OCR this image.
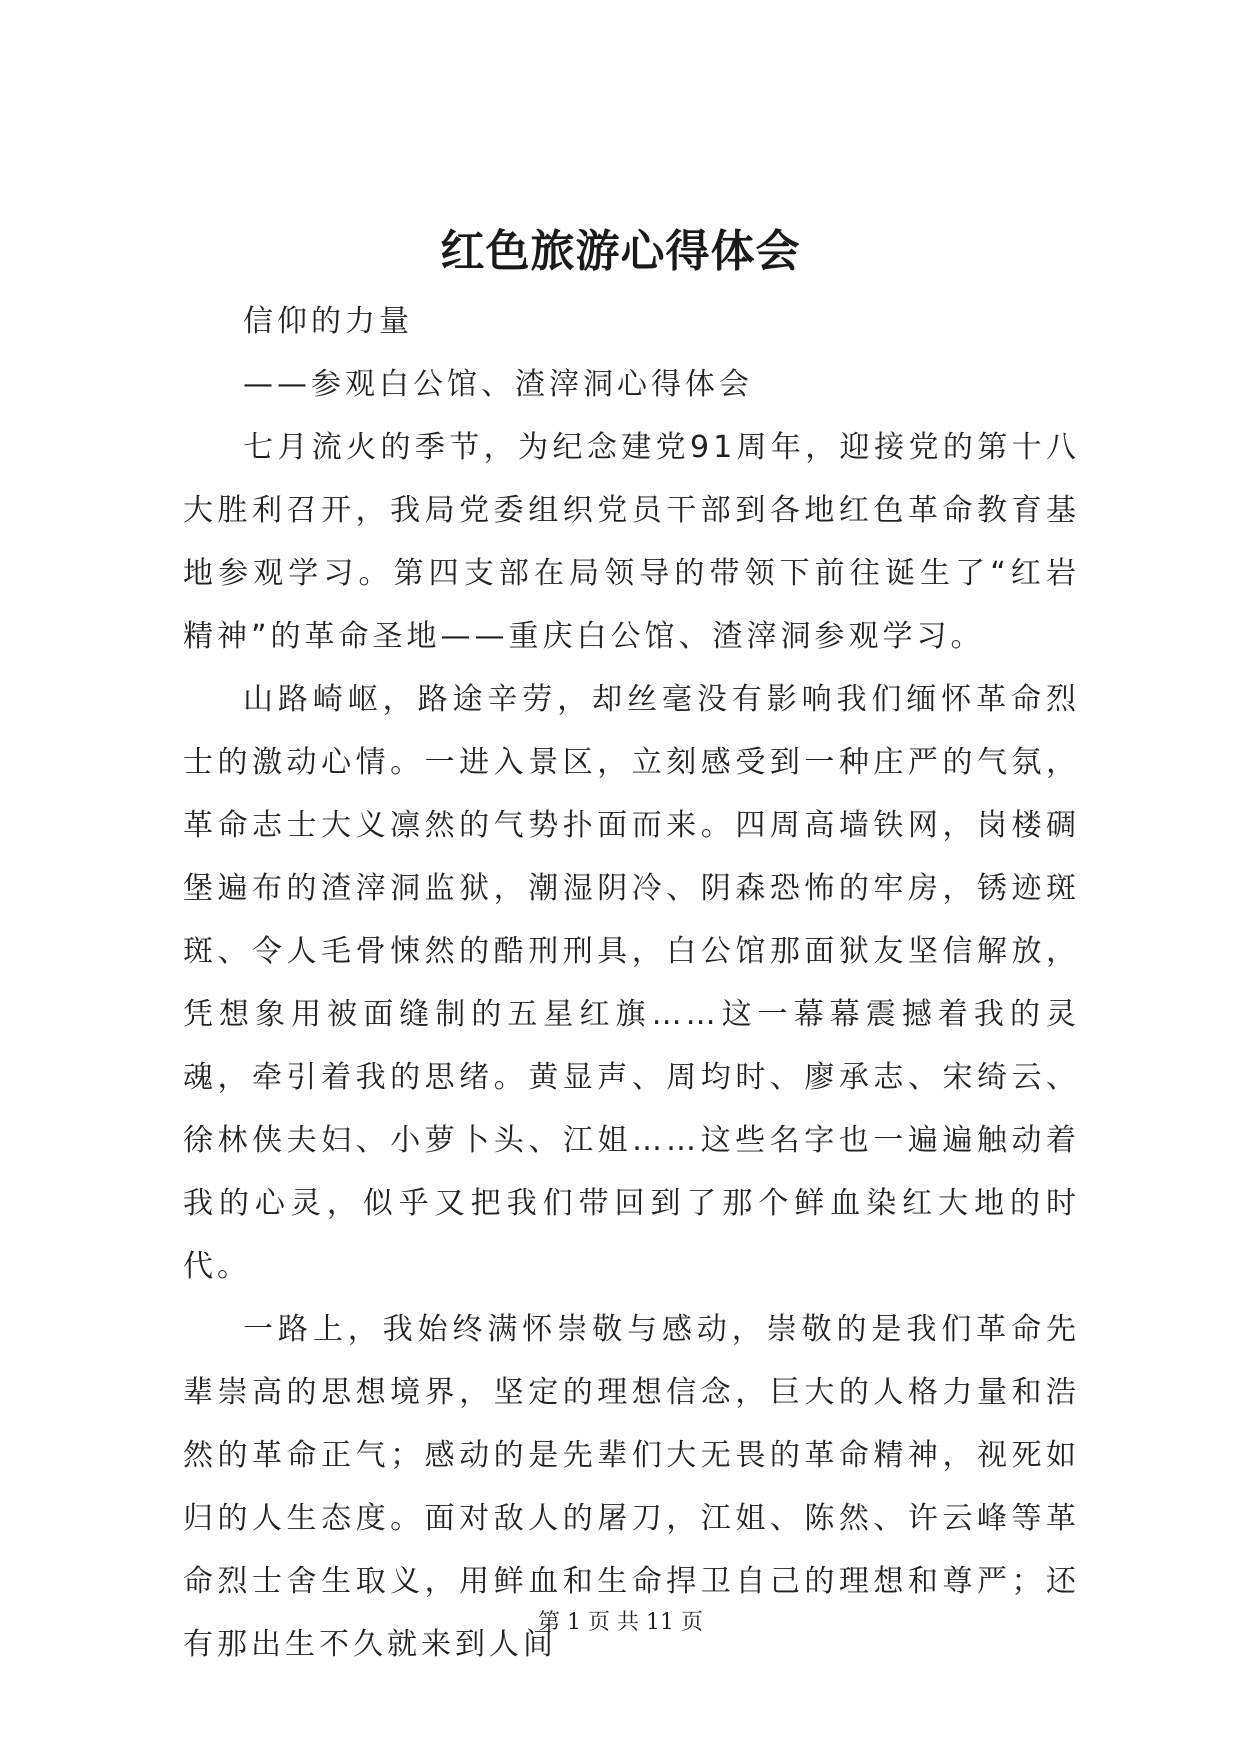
红色旅游心得体会

信仰的力量

——参观白公馆、渣滓洞心得体会

七月流火的季节，为纪念建党91周年，迎接党的第十八大胜利召开，我局党委组织党员干部到各地红色革命教育基地参观学习。第四支部在局领导的带领下前往诞生了“红岩精神”的革命圣地——重庆白公馆、渣滓洞参观学习。

山路崎岖，路途辛劳，却丝毫没有影响我们缅怀革命烈士的激动心情。一进入景区，立刻感受到一种庄严的气氛，革命志士大义凛然的气势扑面而来。四周高墙铁网，岗楼碉堡遍布的渣滓洞监狱，潮湿阴冷、阴森恐怖的牢房，锈迹斑斑、令人毛骨悚然的酷刑刑具，白公馆那面狱友坚信解放，凭想象用被面缝制的五星红旗……这一幕幕震撼着我的灵魂，牵引着我的思绪。黄显声、周均时、廖承志、宋绮云、徐林侠夫妇、小萝卜头、江姐……这些名字也一遍遍触动着我的心灵，似乎又把我们带回到了那个鲜血染红大地的时代。

一路上，我始终满怀崇敬与感动，崇敬的是我们革命先辈崇高的思想境界，坚定的理想信念，巨大的人格力量和浩然的革命正气；感动的是先辈们大无畏的革命精神，视死如归的人生态度。面对敌人的屠刀，江姐、陈然、许云峰等革命烈士舍生取义，用鲜血和生命捍卫自己的理想和尊严；还有那出生不久就来到人间

第 1 页 共 11 页
